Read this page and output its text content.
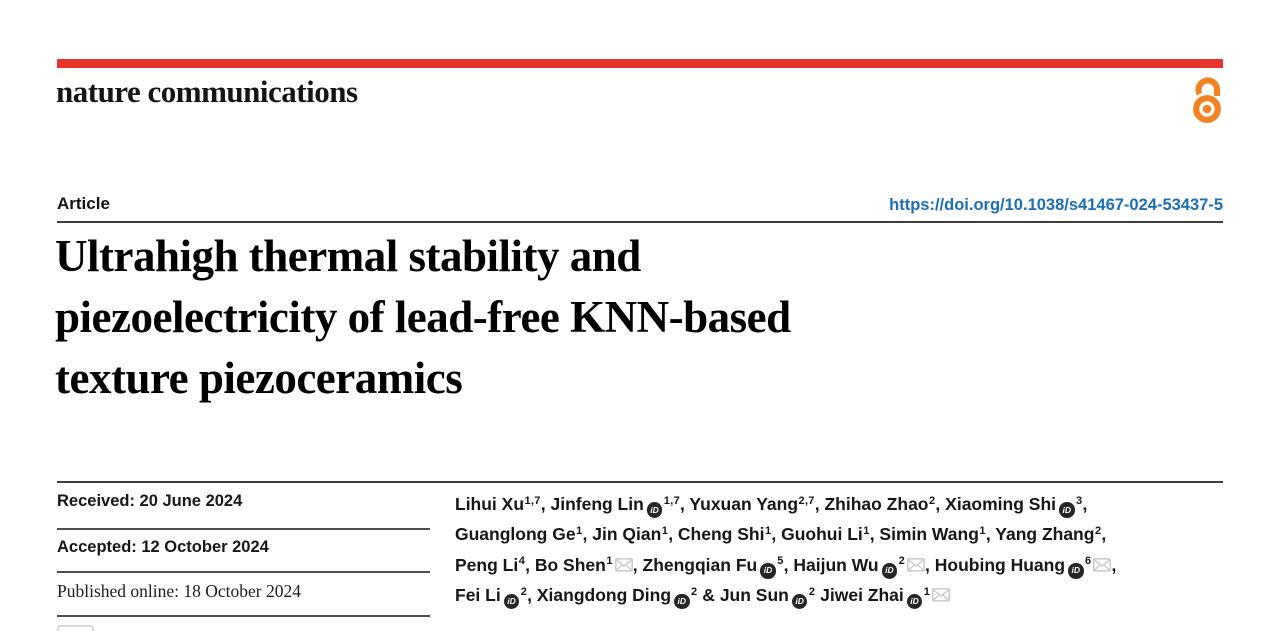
nature communications
Article	https://doi.org/10.1038/s41467-024-53437-5
Ultrahigh thermal stability and
piezoelectricity of lead-free KNN-based
texture piezoceramics
Received: 20 June 2024
Accepted: 12 October 2024
Published online: 18 October 2024
Lihui Xu$^{1,7}$, Jinfeng Lin iD$^{1,7}$, Yuxuan Yang$^{2,7}$, Zhihao Zhao$^2$, Xiaoming Shi $iD^3$,
Guanglong Ge$^1$, Jin Qian$^1$, Cheng Shi$^1$, Guohui Li$^1$, Simin Wang$^1$, Yang Zhang$^2$,
Peng Li$^4$, Bo Shen$^1$ , Zhengqian Fu $iD^5$, Haijun Wu $iD^2$ , Houbing Huang $iD^6$ ,
Fei Li $iD^2$, Xiangdong Ding $iD^2$ & Jun Sun $iD^2$ Jiwei Zhai $iD^1$
